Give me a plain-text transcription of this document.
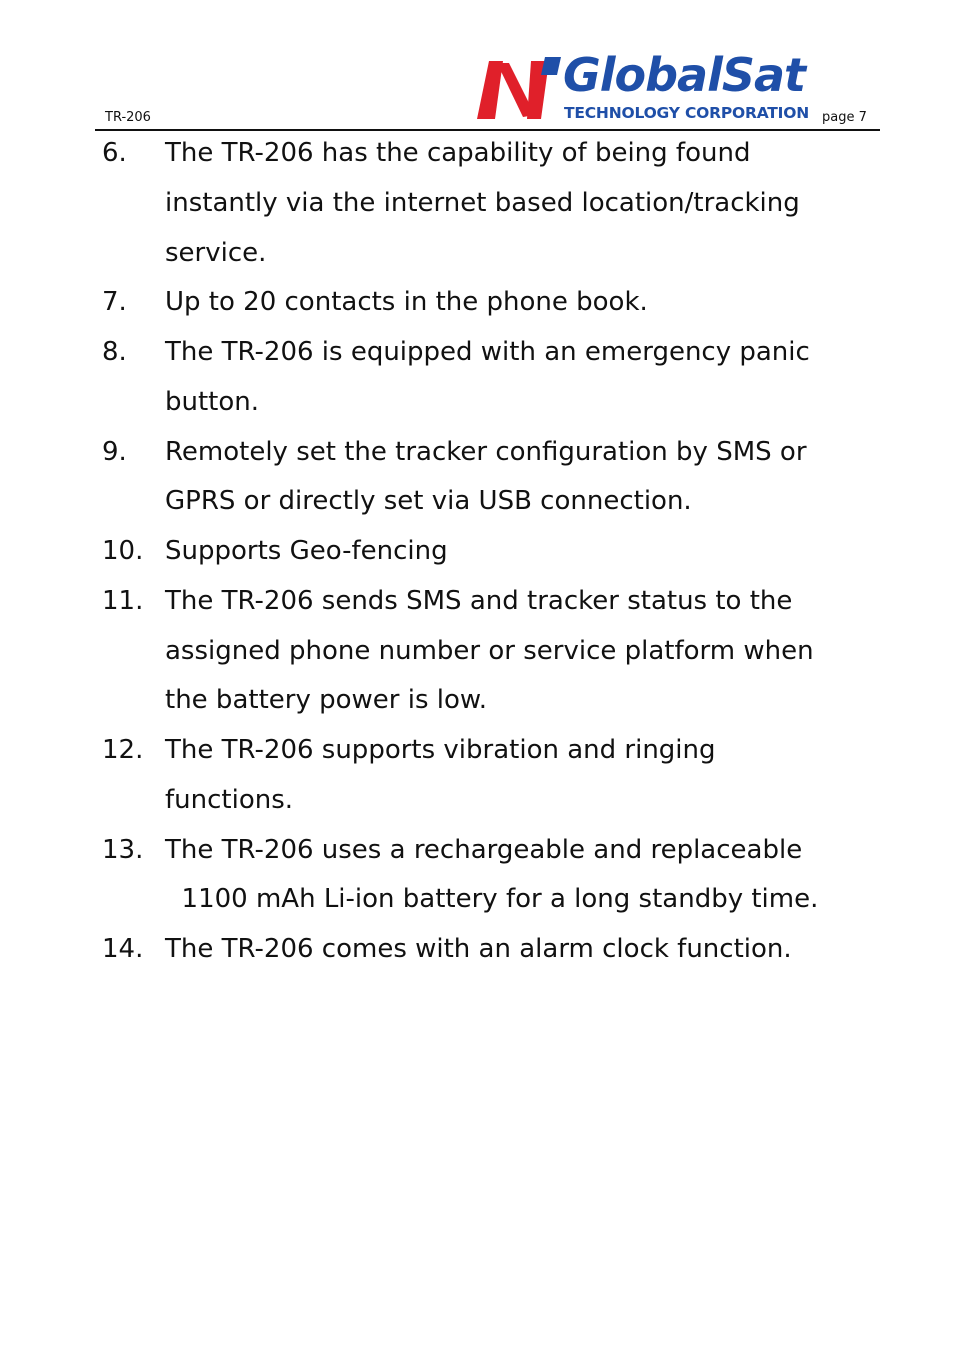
TR-206
GlobalSat
TECHNOLOGY CORPORATION page 7
6. The TR-206 has the capability of being found
instantly via the internet based location/tracking
service.
7. Up to 20 contacts in the phone book.
8. The TR-206 is equipped with an emergency panic
button.
9. Remotely set the tracker configuration by SMS or
GPRS or directly set via USB connection.
10. Supports Geo-fencing
11. The TR-206 sends SMS and tracker status to the
assigned phone number or service platform when
the battery power is low.
12. The TR-206 supports vibration and ringing
functions.
13. The TR-206 uses a rechargeable and replaceable
1100 mAh Li-ion battery for a long standby time.
14. The TR-206 comes with an alarm clock function.
